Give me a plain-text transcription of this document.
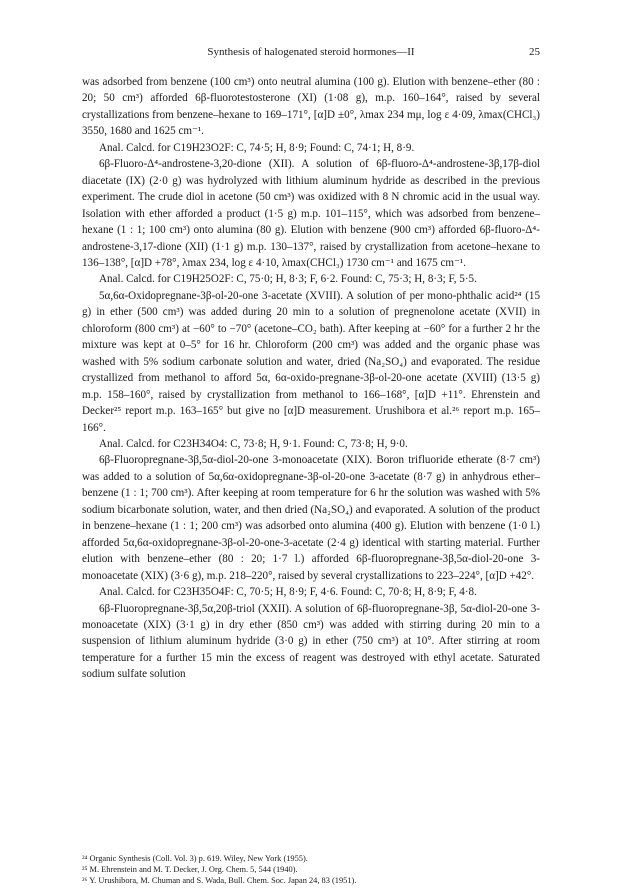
Synthesis of halogenated steroid hormones—II	25

was adsorbed from benzene (100 cm³) onto neutral alumina (100 g). Elution with benzene–ether (80 : 20; 50 cm³) afforded 6β-fluorotestosterone (XI) (1·08 g), m.p. 160–164°, raised by several crystallizations from benzene–hexane to 169–171°, [α]D ±0°, λmax 234 mμ, log ε 4·09, λmax(CHCl₃) 3550, 1680 and 1625 cm⁻¹.

Anal. Calcd. for C19H23O2F: C, 74·5; H, 8·9; Found: C, 74·1; H, 8·9.

6β-Fluoro-Δ⁴-androstene-3,20-dione (XII). A solution of 6β-fluoro-Δ⁴-androstene-3β,17β-diol diacetate (IX) (2·0 g) was hydrolyzed with lithium aluminum hydride as described in the previous experiment. The crude diol in acetone (50 cm³) was oxidized with 8 N chromic acid in the usual way. Isolation with ether afforded a product (1·5 g) m.p. 101–115°, which was adsorbed from benzene–hexane (1 : 1; 100 cm³) onto alumina (80 g). Elution with benzene (900 cm³) afforded 6β-fluoro-Δ⁴-androstene-3,17-dione (XII) (1·1 g) m.p. 130–137°, raised by crystallization from acetone–hexane to 136–138°, [α]D +78°, λmax 234, log ε 4·10, λmax(CHCl₃) 1730 cm⁻¹ and 1675 cm⁻¹.

Anal. Calcd. for C19H25O2F: C, 75·0; H, 8·3; F, 6·2. Found: C, 75·3; H, 8·3; F, 5·5.

5α,6α-Oxidopregnane-3β-ol-20-one 3-acetate (XVIII). A solution of per mono-phthalic acid²⁴ (15 g) in ether (500 cm³) was added during 20 min to a solution of pregnenolone acetate (XVII) in chloroform (800 cm³) at −60° to −70° (acetone–CO₂ bath). After keeping at −60° for a further 2 hr the mixture was kept at 0–5° for 16 hr. Chloroform (200 cm³) was added and the organic phase was washed with 5% sodium carbonate solution and water, dried (Na₂SO₄) and evaporated. The residue crystallized from methanol to afford 5α, 6α-oxido-pregnane-3β-ol-20-one acetate (XVIII) (13·5 g) m.p. 158–160°, raised by crystallization from methanol to 166–168°, [α]D +11°. Ehrenstein and Decker²⁵ report m.p. 163–165° but give no [α]D measurement. Urushibora et al.²⁶ report m.p. 165–166°.

Anal. Calcd. for C23H34O4: C, 73·8; H, 9·1. Found: C, 73·8; H, 9·0.

6β-Fluoropregnane-3β,5α-diol-20-one 3-monoacetate (XIX). Boron trifluoride etherate (8·7 cm³) was added to a solution of 5α,6α-oxidopregnane-3β-ol-20-one 3-acetate (8·7 g) in anhydrous ether–benzene (1 : 1; 700 cm³). After keeping at room temperature for 6 hr the solution was washed with 5% sodium bicarbonate solution, water, and then dried (Na₂SO₄) and evaporated. A solution of the product in benzene–hexane (1 : 1; 200 cm³) was adsorbed onto alumina (400 g). Elution with benzene (1·0 l.) afforded 5α,6α-oxidopregnane-3β-ol-20-one-3-acetate (2·4 g) identical with starting material. Further elution with benzene–ether (80 : 20; 1·7 l.) afforded 6β-fluoropregnane-3β,5α-diol-20-one 3-monoacetate (XIX) (3·6 g), m.p. 218–220°, raised by several crystallizations to 223–224°, [α]D +42°.

Anal. Calcd. for C23H35O4F: C, 70·5; H, 8·9; F, 4·6. Found: C, 70·8; H, 8·9; F, 4·8.

6β-Fluoropregnane-3β,5α,20β-triol (XXII). A solution of 6β-fluoropregnane-3β, 5α-diol-20-one 3-monoacetate (XIX) (3·1 g) in dry ether (850 cm³) was added with stirring during 20 min to a suspension of lithium aluminum hydride (3·0 g) in ether (750 cm³) at 10°. After stirring at room temperature for a further 15 min the excess of reagent was destroyed with ethyl acetate. Saturated sodium sulfate solution

²⁴ Organic Synthesis (Coll. Vol. 3) p. 619. Wiley, New York (1955).
²⁵ M. Ehrenstein and M. T. Decker, J. Org. Chem. 5, 544 (1940).
²⁶ Y. Urushibora, M. Chuman and S. Wada, Bull. Chem. Soc. Japan 24, 83 (1951).
